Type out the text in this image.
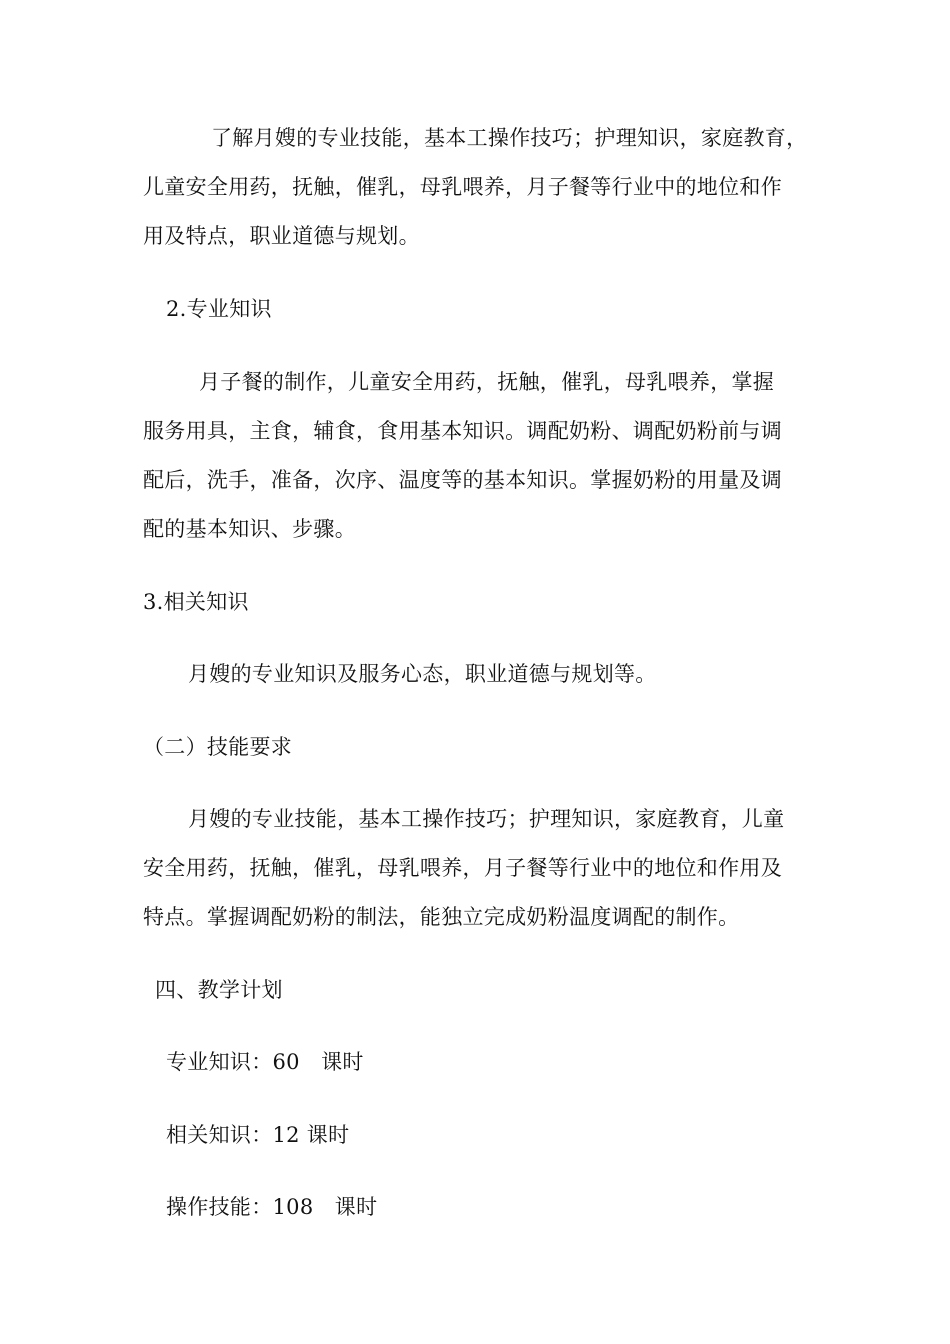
了解月嫂的专业技能，基本工操作技巧；护理知识，家庭教育，
儿童安全用药，抚触，催乳，母乳喂养，月子餐等行业中的地位和作
用及特点，职业道德与规划。
2.专业知识
月子餐的制作，儿童安全用药，抚触，催乳，母乳喂养，掌握
服务用具，主食，辅食，食用基本知识。调配奶粉、调配奶粉前与调
配后，洗手，准备，次序、温度等的基本知识。掌握奶粉的用量及调
配的基本知识、步骤。
3.相关知识
月嫂的专业知识及服务心态，职业道德与规划等。
（二）技能要求
月嫂的专业技能，基本工操作技巧；护理知识，家庭教育，儿童
安全用药，抚触，催乳，母乳喂养，月子餐等行业中的地位和作用及
特点。掌握调配奶粉的制法，能独立完成奶粉温度调配的制作。
四、教学计划
专业知识：60　课时
相关知识：12 课时
操作技能：108　课时
